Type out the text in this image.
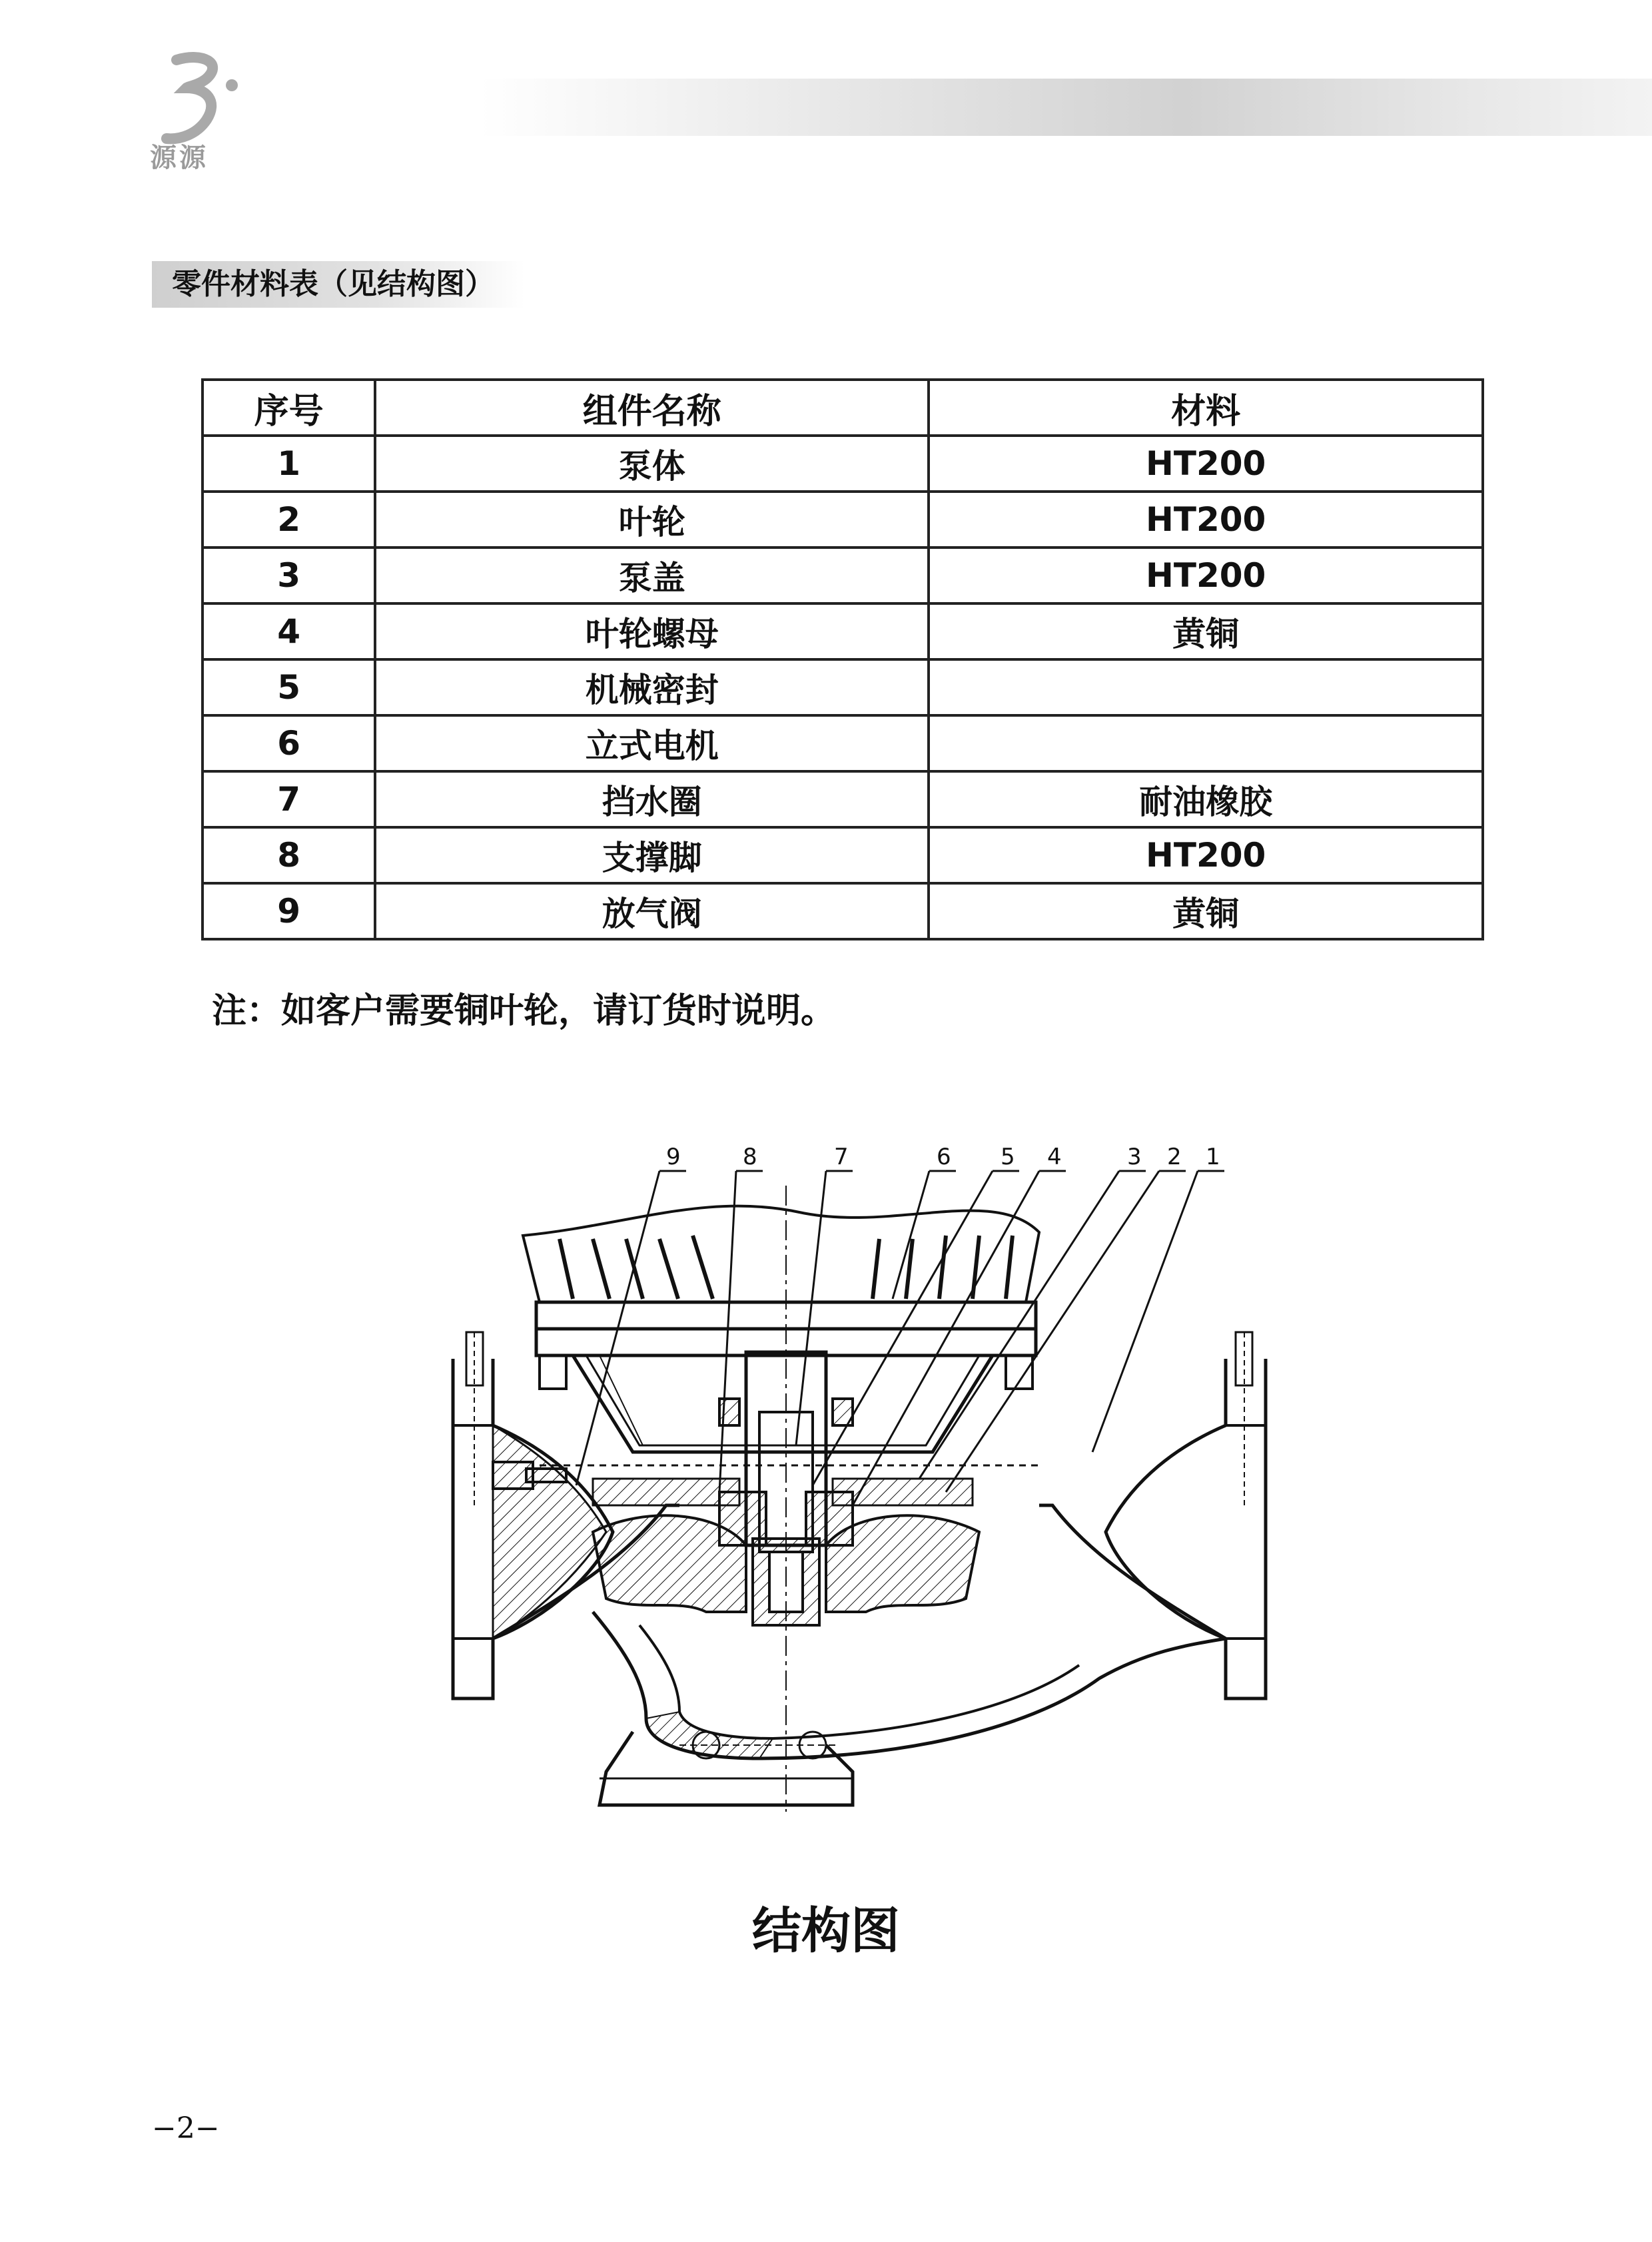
源源
零件材料表（见结构图）
序号	组件名称	材料
1	泵体	HT200
2	叶轮	HT200
3	泵盖	HT200
4	叶轮螺母	黄铜
5	机械密封	
6	立式电机	
7	挡水圈	耐油橡胶
8	支撑脚	HT200
9	放气阀	黄铜
注：如客户需要铜叶轮，请订货时说明。
9	8	7	6 5 4	3 2 1
结构图
−2−
